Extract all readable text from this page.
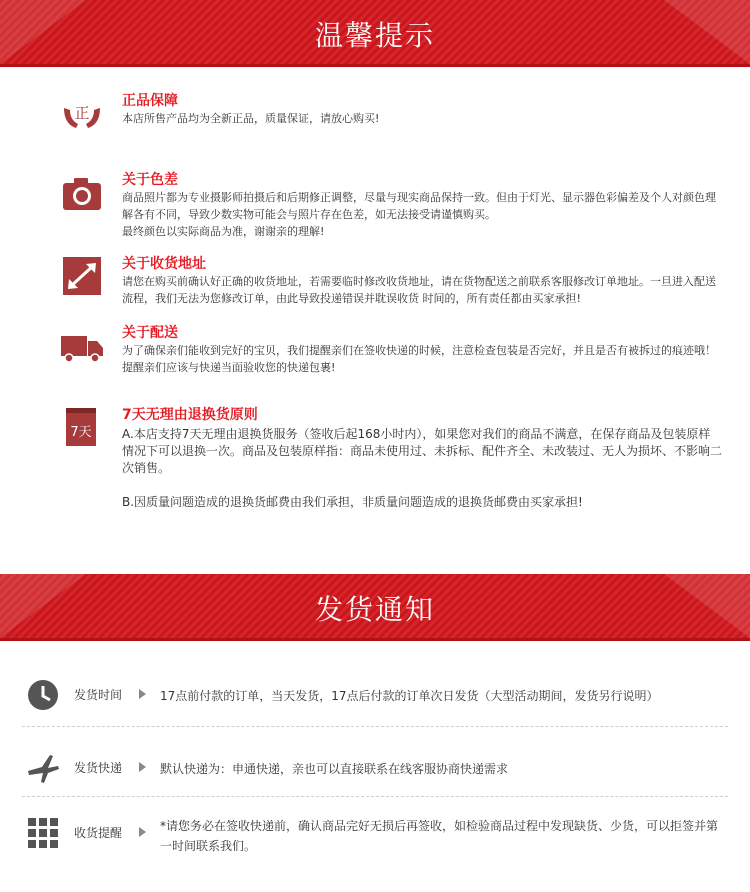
温馨提示
正
正品保障
本店所售产品均为全新正品，质量保证，请放心购买!
关于色差
商品照片都为专业摄影师拍摄后和后期修正调整，尽量与现实商品保持一致。但由于灯光、显示器色彩偏差及个人对颜色理解各有不同，导致少数实物可能会与照片存在色差，如无法接受请谨慎购买。
最终颜色以实际商品为准，谢谢亲的理解!
关于收货地址
请您在购买前确认好正确的收货地址，若需要临时修改收货地址，请在货物配送之前联系客服修改订单地址。一旦进入配送流程，我们无法为您修改订单，由此导致投递错误并耽误收货 时间的，所有责任都由买家承担!
关于配送
为了确保亲们能收到完好的宝贝，我们提醒亲们在签收快递的时候，注意检查包装是否完好，并且是否有被拆过的痕迹哦！提醒亲们应该与快递当面验收您的快递包裹!
7天
7天无理由退换货原则
A.本店支持7天无理由退换货服务（签收后起168小时内），如果您对我们的商品不满意，在保存商品及包装原样情况下可以退换一次。商品及包装原样指：商品未使用过、未拆标、配件齐全、未改装过、无人为损坏、不影响二次销售。

B.因质量问题造成的退换货邮费由我们承担，非质量问题造成的退换货邮费由买家承担!
发货通知
发货时间	17点前付款的订单，当天发货，17点后付款的订单次日发货（大型活动期间，发货另行说明）
发货快递	默认快递为：申通快递，亲也可以直接联系在线客服协商快递需求
收货提醒	*请您务必在签收快递前，确认商品完好无损后再签收，如检验商品过程中发现缺货、少货，可以拒签并第一时间联系我们。
